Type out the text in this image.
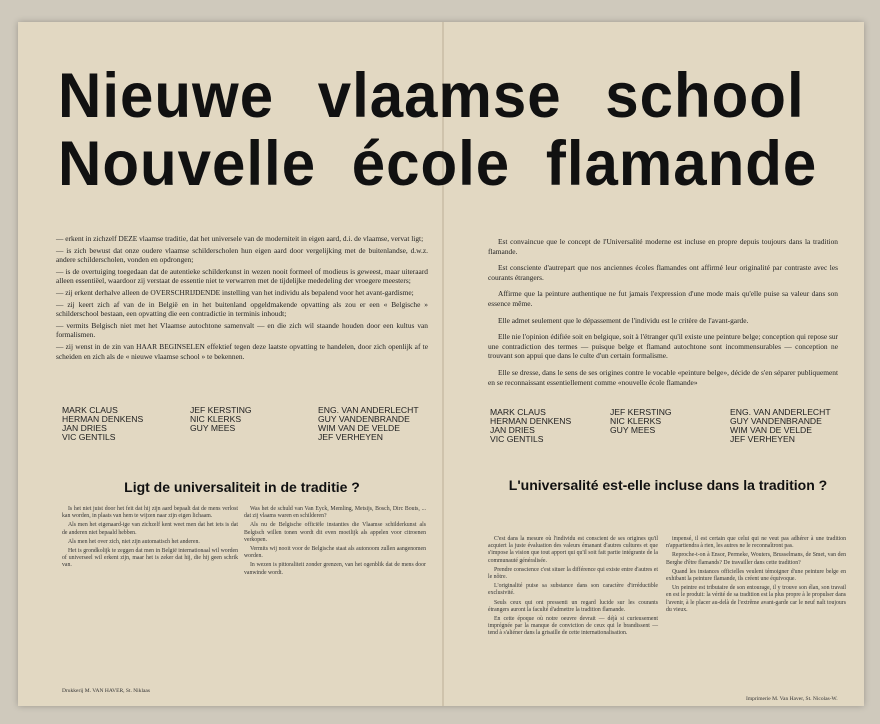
Nieuwe vlaamse school
Nouvelle école flamande

— erkent in zichzelf DEZE vlaamse traditie, dat het universele van de moderniteit in eigen aard, d.i. de vlaamse, vervat ligt;

— is zich bewust dat onze oudere vlaamse schilderscholen hun eigen aard door vergelijking met de buitenlandse, d.w.z. andere schilderscholen, vonden en opdrongen;

— is de overtuiging toegedaan dat de autentieke schilderkunst in wezen nooit formeel of modieus is geweest, maar uiteraard alleen essentiëel, waardoor zij verstaat de essentie niet te verwarren met de tijdelijke mededeling der vroegere meesters;

— zij erkent derhalve alleen de OVERSCHRIJDENDE instelling van het individu als bepalend voor het avant-gardisme;

— zij keert zich af van de in België en in het buitenland opgeldmakende opvatting als zou er een « Belgische » schilderschool bestaan, een opvatting die een contradictie in terminis inhoudt;

— vermits Belgisch niet met het Vlaamse autochtone samenvalt — en die zich wil staande houden door een kultus van formalismen.

— zij wenst in de zin van HAAR BEGINSELEN effektief tegen deze laatste opvatting te handelen, door zich openlijk af te scheiden en zich als de « nieuwe vlaamse school » te bekennen.

Est convaincue que le concept de l'Universalité moderne est incluse en propre depuis toujours dans la tradition flamande.

Est consciente d'autrepart que nos anciennes écoles flamandes ont affirmé leur originalité par contraste avec les courants étrangers.

Affirme que la peinture authentique ne fut jamais l'expression d'une mode mais qu'elle puise sa valeur dans son essence même.

Elle admet seulement que le dépassement de l'individu est le critère de l'avant-garde.

Elle nie l'opinion édifiée soit en belgique, soit à l'étranger qu'il existe une peinture belge; conception qui repose sur une contradiction des termes — puisque belge et flamand autochtone sont incommensurables — conception ne trouvant son appui que dans le culte d'un certain formalisme.

Elle se dresse, dans le sens de ses origines contre le vocable «peinture belge», décide de s'en séparer publiquement en se reconnaissant essentiellement comme «nouvelle école flamande»

MARK CLAUS
HERMAN DENKENS
JAN DRIES
VIC GENTILS
JEF KERSTING
NIC KLERKS
GUY MEES
ENG. VAN ANDERLECHT
GUY VANDENBRANDE
WIM VAN DE VELDE
JEF VERHEYEN
MARK CLAUS
HERMAN DENKENS
JAN DRIES
VIC GENTILS
JEF KERSTING
NIC KLERKS
GUY MEES
ENG. VAN ANDERLECHT
GUY VANDENBRANDE
WIM VAN DE VELDE
JEF VERHEYEN
Ligt de universaliteit in de traditie ?	L'universalité est-elle incluse dans la tradition ?

Is het niet juist door het feit dat hij zijn aard bepaalt dat de mens verlost kan worden, in plaats van hem te wijzen naar zijn eigen lichaam.

Als men het eigenaard-ige van zichzelf kent weet men dat het iets is dat de anderen niet bepaald hebben.

Als men het over zich, niet zijn automatisch het anderen.

Het is grondkolijk te zeggen dat men in België internationaal wil worden of universeel wil erkent zijn, maar het is zeker dat hij, die hij geen schrik van.

Was het de schuld van Van Eyck, Memling, Metsijs, Bosch, Dirc Bouts, ... dat zij vlaams waren en schilderen?

Als nu de Belgische officiële instanties die Vlaamse schilderkunst als Belgisch willen tonen wordt dit even moeilijk als appelen voor citroenen verkopen.

Vermits wij nooit voor de Belgische staat als autonoom zullen aangenomen worden.

In wezen is pittoraliteit zonder grenzen, van het ogenblik dat de mens door vanwinde wordt.

C'est dans la mesure où l'individu est conscient de ses origines qu'il acquiert la juste évaluation des valeurs émanant d'autres cultures et que s'impose la vision que tout apport qui qu'il soit fait partie intégrante de la communauté généralisée.

Prendre conscience c'est situer la différence qui existe entre d'autres et le nôtre.

L'originalité puise sa substance dans son caractère d'irréductible exclusivité.

Seuls ceux qui ont pressenti un regard lucide sur les courants étrangers auront la faculté d'admettre la tradition flamande.

En cette époque où notre oeuvre devrait — déjà si curieusement imprégnée par la manque de conviction de ceux qui le brandissent — tend à s'aliéner dans la grisaille de cette internationalisation.

impensé, il est certain que celui qui ne veut pas adhérer à une tradition n'appartiendra à rien, les autres ne le reconnaîtront pas.

Reproche-t-on à Ensor, Permeke, Wouters, Brusselmans, de Smet, van den Berghe d'être flamands? De travailler dans cette tradition?

Quand les instances officielles veulent témoigner d'une peinture belge en exhibant la peinture flamande, ils créent une équivoque.

Un peintre est tributaire de son entourage, il y trouve son élan, son travail en est le produit: la vérité de sa tradition est la plus propre à le propulser dans l'avenir, à le placer au-delà de l'extrême avant-garde car le neuf naît toujours du vieux.

Drukkerij M. VAN HAVER, St. Niklaas
Imprimerie M. Van Haver, St. Nicolas-W.
